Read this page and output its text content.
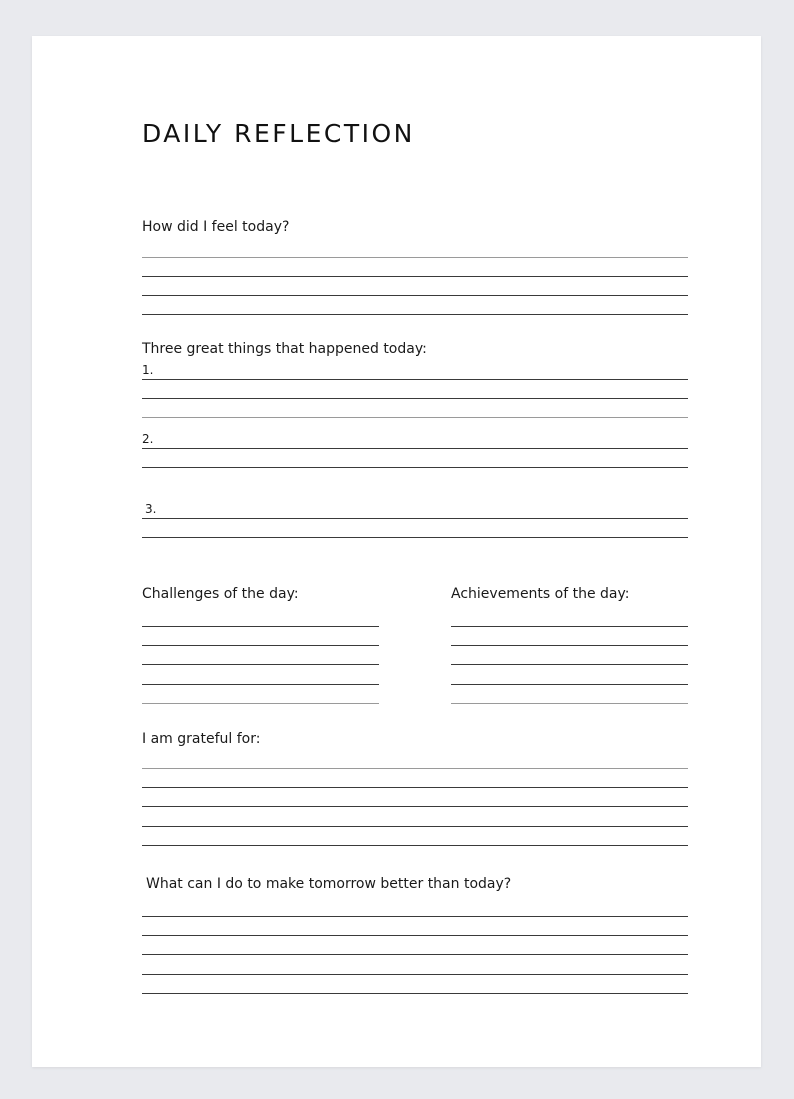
DAILY REFLECTION
How did I feel today?
Three great things that happened today:
1.
2.
3.
Challenges of the day:	Achievements of the day:
I am grateful for:
What can I do to make tomorrow better than today?
